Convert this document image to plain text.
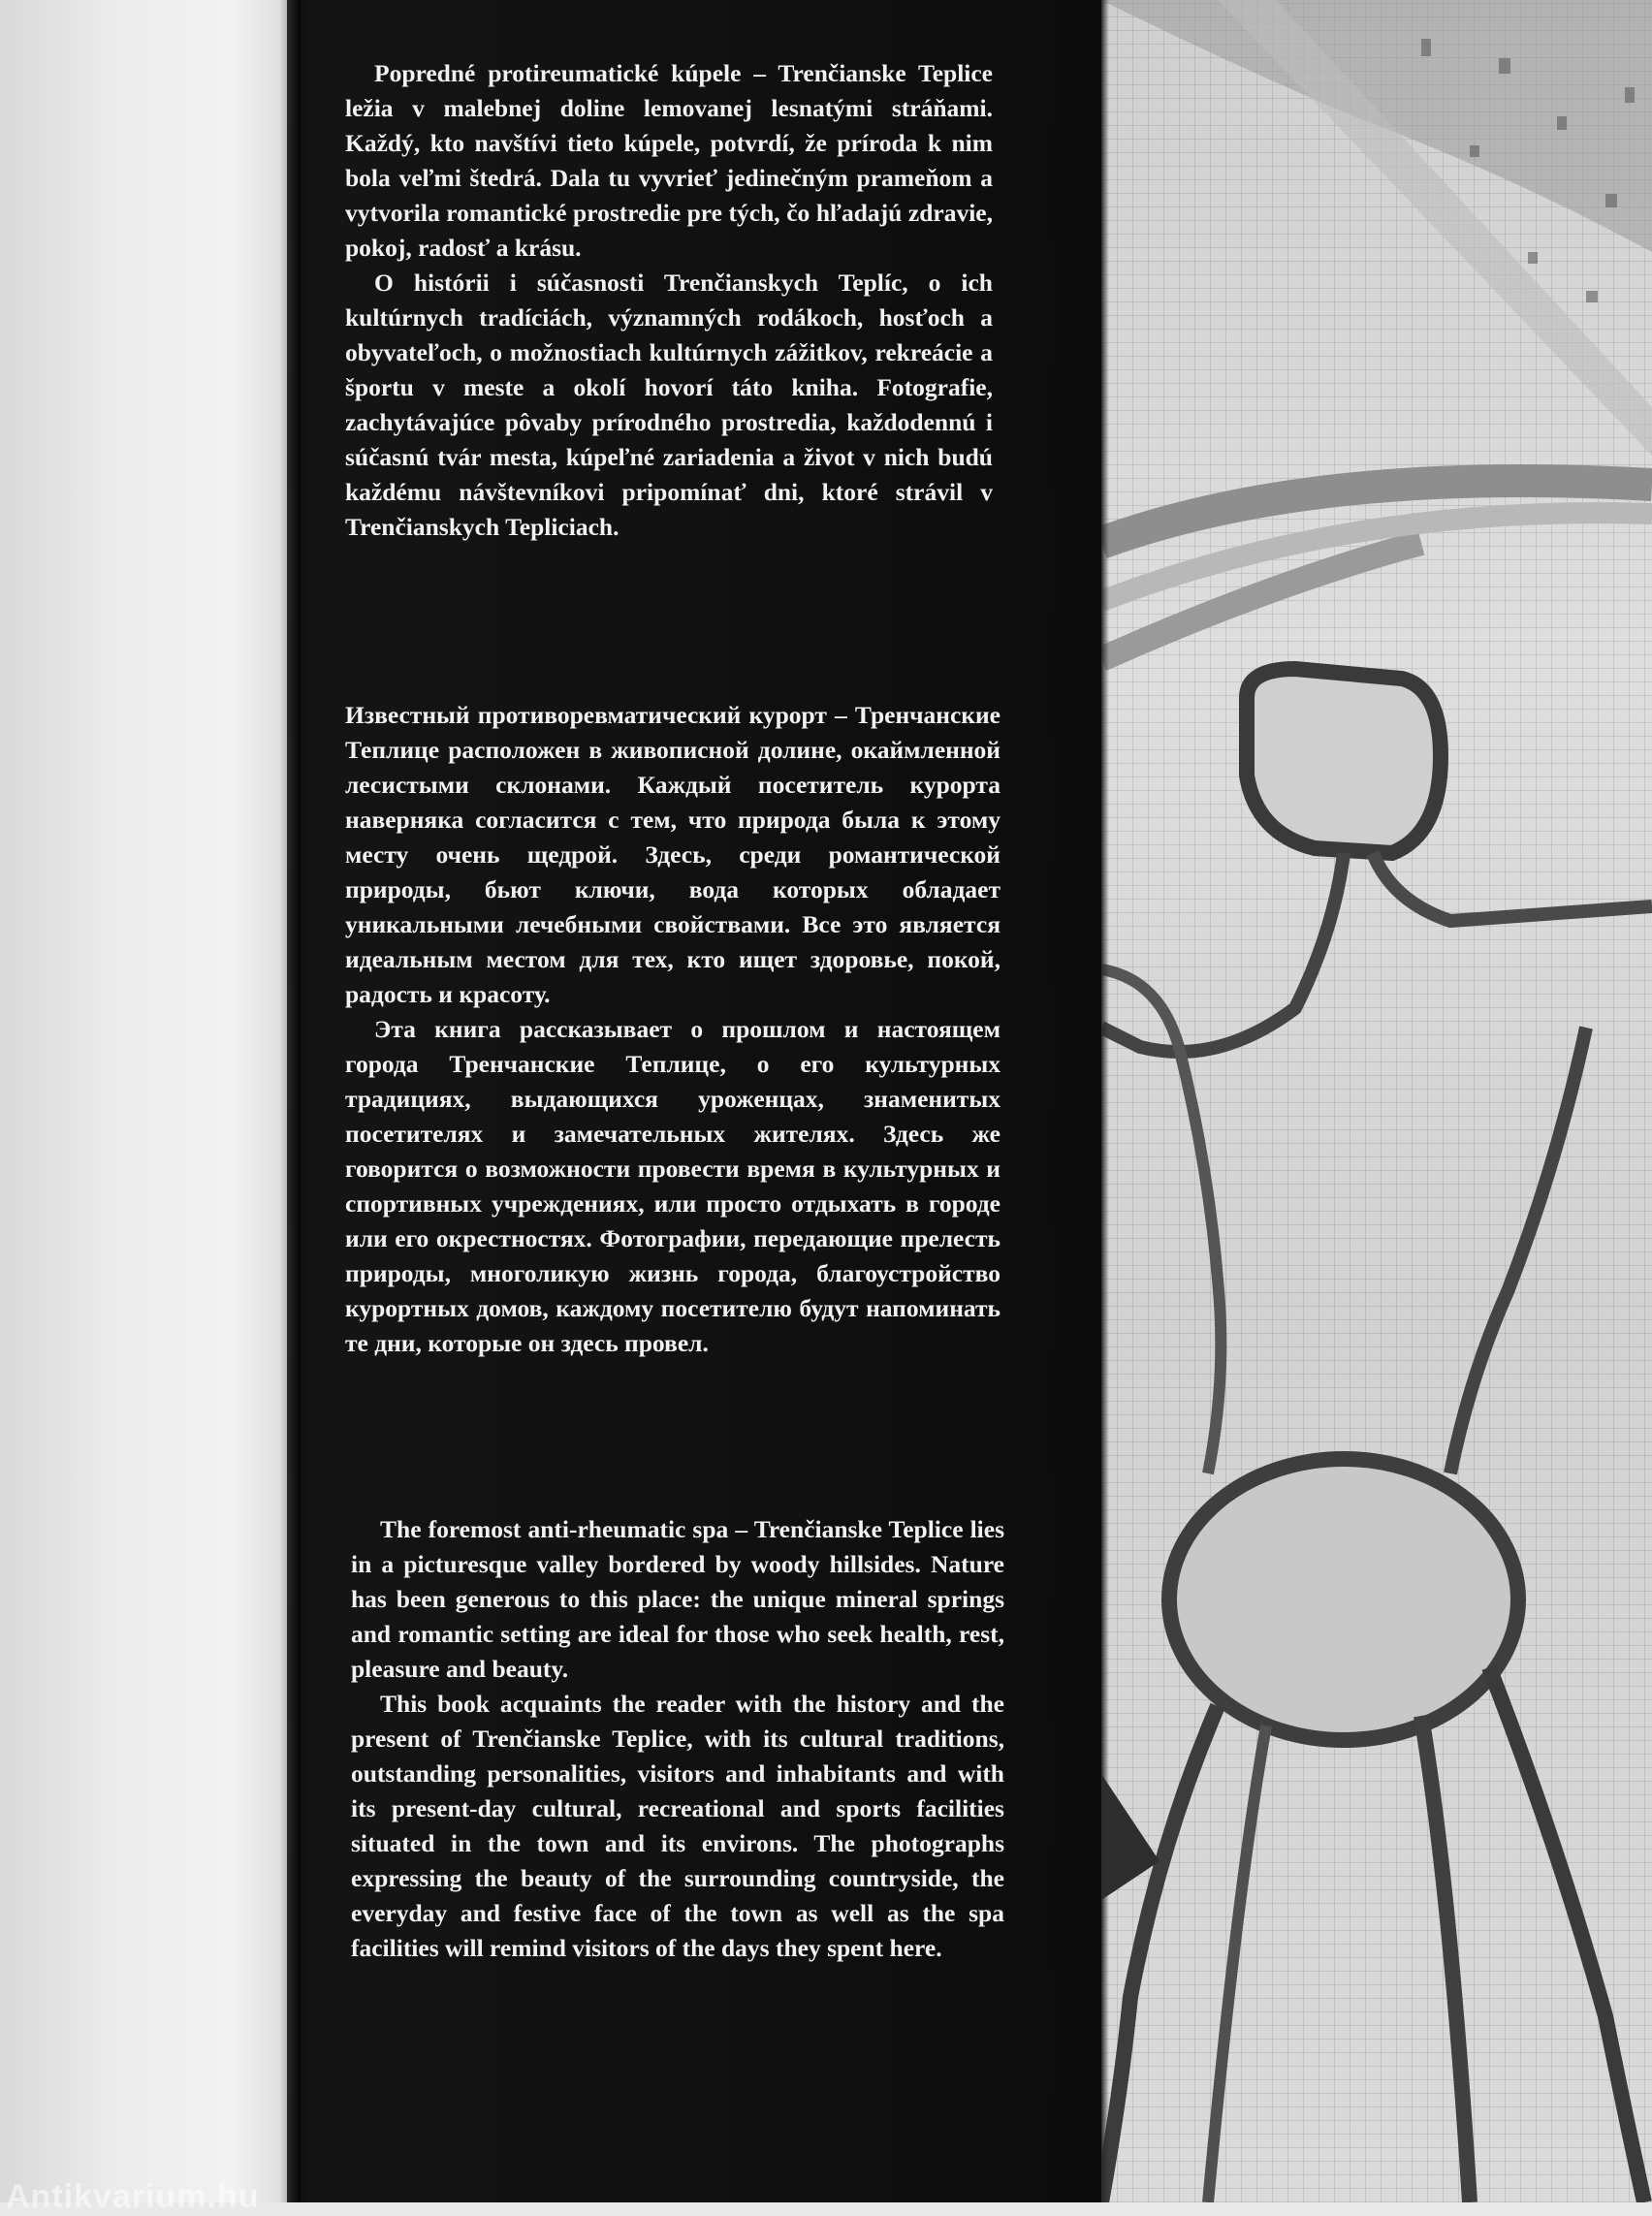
Antikvarium.hu

Popredné protireumatické kúpele – Trenčianske Teplice ležia v malebnej doline lemovanej lesnatými stráňami. Každý, kto navštívi tieto kúpele, potvrdí, že príroda k nim bola veľmi štedrá. Dala tu vyvrieť jedinečným prameňom a vytvorila romantické prostredie pre tých, čo hľadajú zdravie, pokoj, radosť a krásu.

O histórii i súčasnosti Trenčianskych Teplíc, o ich kultúrnych tradíciách, významných rodákoch, hosťoch a obyvateľoch, o možnostiach kultúrnych zážitkov, rekreácie a športu v meste a okolí hovorí táto kniha. Fotografie, zachytávajúce pôvaby prírodného prostredia, každodennú i súčasnú tvár mesta, kúpeľné zariadenia a život v nich budú každému návštevníkovi pripomínať dni, ktoré strávil v Trenčianskych Tepliciach.

Известный противоревматический курорт – Тренчанские Теплице расположен в живописной долине, окаймленной лесистыми склонами. Каждый посетитель курорта наверняка согласится с тем, что природа была к этому месту очень щедрой. Здесь, среди романтической природы, бьют ключи, вода которых обладает уникальными лечебными свойствами. Все это является идеальным местом для тех, кто ищет здоровье, покой, радость и красоту.

Эта книга рассказывает о прошлом и настоящем города Тренчанские Теплице, о его культурных традициях, выдающихся уроженцах, знаменитых посетителях и замечательных жителях. Здесь же говорится о возможности провести время в культурных и спортивных учреждениях, или просто отдыхать в городе или его окрестностях. Фотографии, передающие прелесть природы, многоликую жизнь города, благоустройство курортных домов, каждому посетителю будут напоминать те дни, которые он здесь провел.

The foremost anti-rheumatic spa – Trenčianske Teplice lies in a picturesque valley bordered by woody hillsides. Nature has been generous to this place: the unique mineral springs and romantic setting are ideal for those who seek health, rest, pleasure and beauty.

This book acquaints the reader with the history and the present of Trenčianske Teplice, with its cultural traditions, outstanding personalities, visitors and inhabitants and with its present-day cultural, recreational and sports facilities situated in the town and its environs. The photographs expressing the beauty of the surrounding countryside, the everyday and festive face of the town as well as the spa facilities will remind visitors of the days they spent here.
